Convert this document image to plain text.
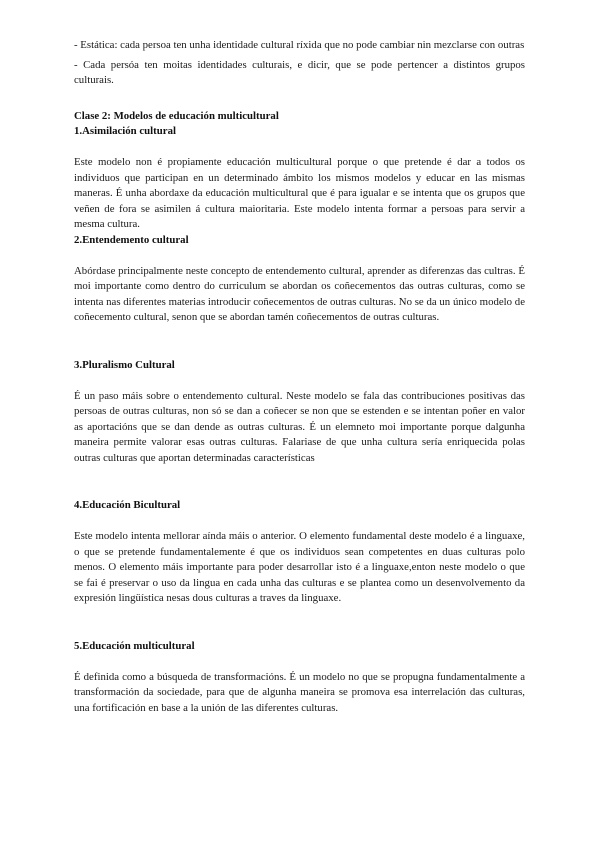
- Estática: cada persoa ten unha identidade cultural ríxida que no pode cambiar nin mezclarse con outras

- Cada persóa ten moitas identidades culturais, e dicir, que se pode pertencer a distintos grupos culturais.

Clase 2: Modelos de educación multicultural
1.Asimilación cultural

Este modelo non é propiamente educación multicultural porque o que pretende é dar a todos os individuos que participan en un determinado ámbito los mismos modelos y educar en las mismas maneras. É unha abordaxe da educación multicultural que é para igualar e se intenta que os grupos que veñen de fora se asimilen á cultura maioritaria. Este modelo intenta formar a persoas para servir a mesma cultura.

2.Entendemento cultural

Abórdase principalmente neste concepto de entendemento cultural, aprender as diferenzas das cultras. É moi importante como dentro do curriculum se abordan os coñecementos das outras culturas, como se intenta nas diferentes materias introducir coñecementos de outras culturas. No se da un único modelo de coñecemento cultural, senon que se abordan tamén coñecementos de outras culturas.

3.Pluralismo Cultural

É un paso máis sobre o entendemento cultural. Neste modelo se fala das contribuciones positivas das persoas de outras culturas, non só se dan a coñecer se non que se estenden e se intentan poñer en valor as aportacións que se dan dende as outras culturas. É un elemneto moi importante porque dalgunha maneira permite valorar esas outras culturas. Falariase de que unha cultura sería enriquecida polas outras culturas que aportan determinadas características

4.Educación Bicultural

Este modelo intenta mellorar aínda máis o anterior. O elemento fundamental deste modelo é a linguaxe, o que se pretende fundamentalemente é que os individuos sean competentes en duas culturas polo menos. O elemento máis importante para poder desarrollar isto é a linguaxe,enton neste modelo o que se fai é preservar o uso da lingua en cada unha das culturas e se plantea como un desenvolvemento da expresión lingüística nesas dous culturas a traves da linguaxe.

5.Educación multicultural

É definida como a búsqueda de transformacións. É un modelo no que se propugna fundamentalmente a transformación da sociedade, para que de algunha maneira se promova esa interrelación das culturas, una fortificación en base a la unión de las diferentes culturas.
